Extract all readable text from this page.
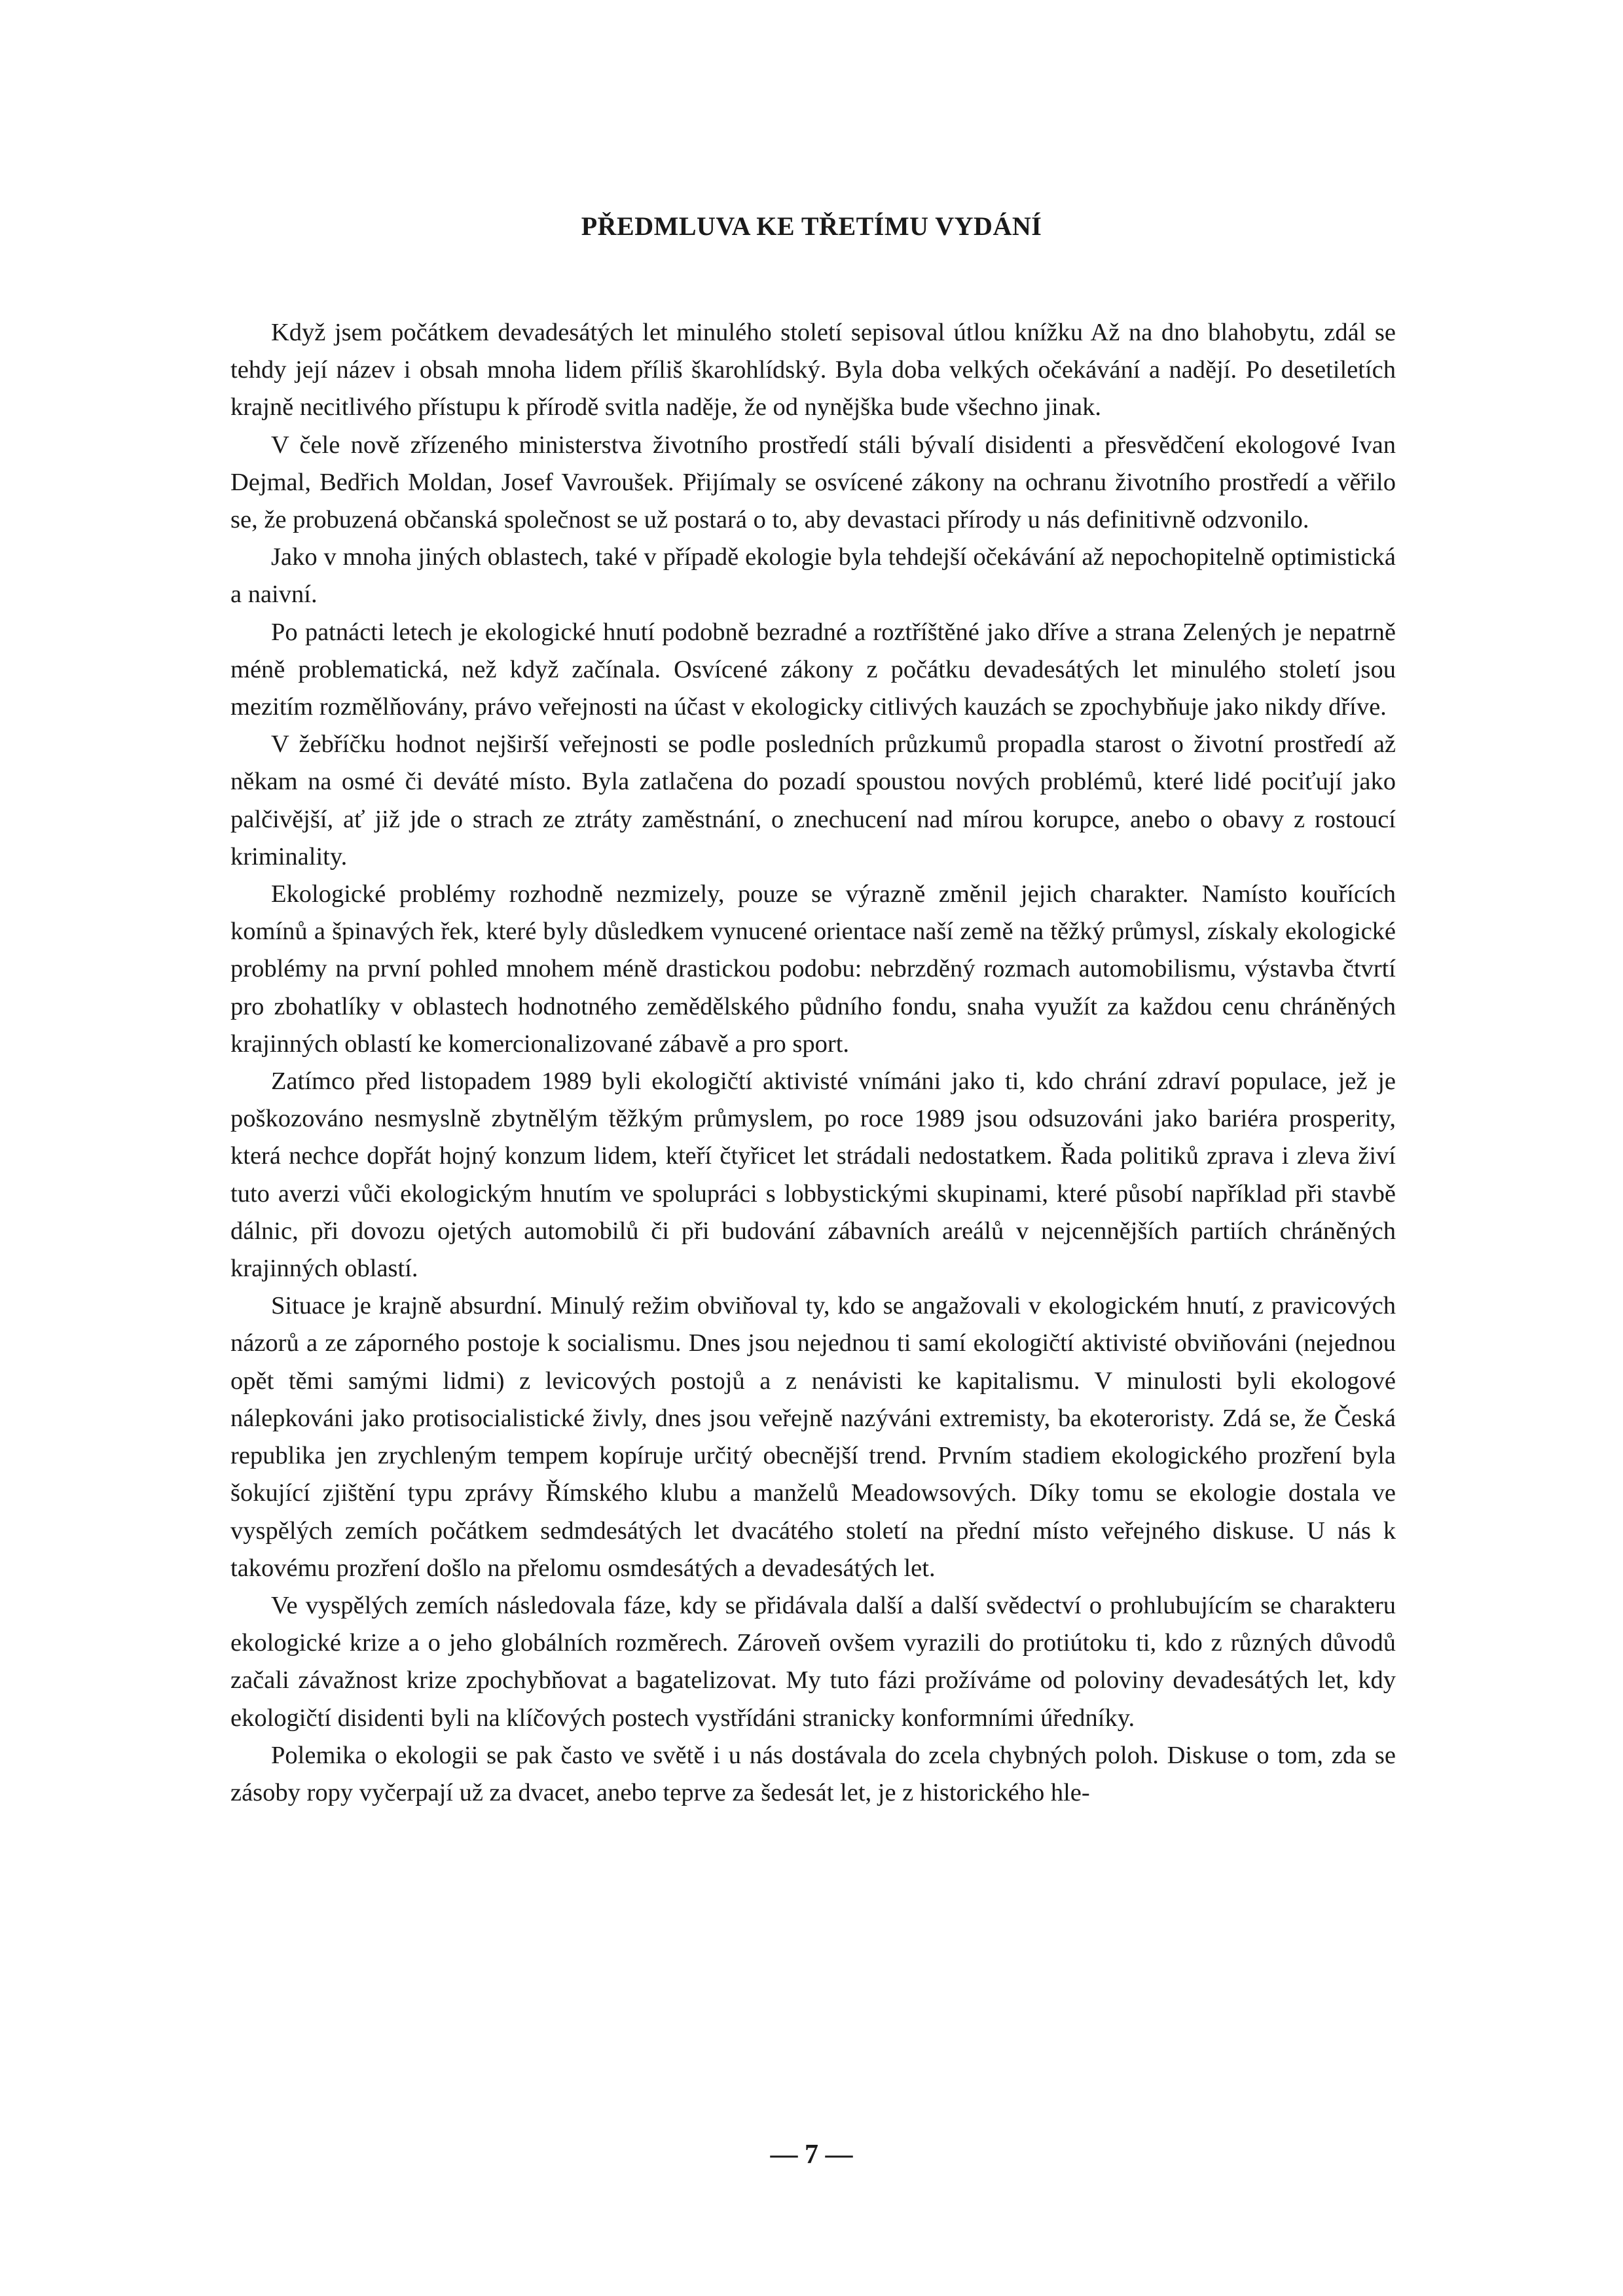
PŘEDMLUVA KE TŘETÍMU VYDÁNÍ

Když jsem počátkem devadesátých let minulého století sepisoval útlou knížku Až na dno blahobytu, zdál se tehdy její název i obsah mnoha lidem příliš škarohlídský. Byla doba velkých očekávání a nadějí. Po desetiletích krajně necitlivého přístupu k přírodě svitla naděje, že od nynějška bude všechno jinak.

V čele nově zřízeného ministerstva životního prostředí stáli bývalí disidenti a přesvědčení ekologové Ivan Dejmal, Bedřich Moldan, Josef Vavroušek. Přijímaly se osvícené zákony na ochranu životního prostředí a věřilo se, že probuzená občanská společnost se už postará o to, aby devastaci přírody u nás definitivně odzvonilo.

Jako v mnoha jiných oblastech, také v případě ekologie byla tehdejší očekávání až nepochopitelně optimistická a naivní.

Po patnácti letech je ekologické hnutí podobně bezradné a roztříštěné jako dříve a strana Zelených je nepatrně méně problematická, než když začínala. Osvícené zákony z počátku devadesátých let minulého století jsou mezitím rozmělňovány, právo veřejnosti na účast v ekologicky citlivých kauzách se zpochybňuje jako nikdy dříve.

V žebříčku hodnot nejširší veřejnosti se podle posledních průzkumů propadla starost o životní prostředí až někam na osmé či deváté místo. Byla zatlačena do pozadí spoustou nových problémů, které lidé pociťují jako palčivější, ať již jde o strach ze ztráty zaměstnání, o znechucení nad mírou korupce, anebo o obavy z rostoucí kriminality.

Ekologické problémy rozhodně nezmizely, pouze se výrazně změnil jejich charakter. Namísto kouřících komínů a špinavých řek, které byly důsledkem vynucené orientace naší země na těžký průmysl, získaly ekologické problémy na první pohled mnohem méně drastickou podobu: nebrzděný rozmach automobilismu, výstavba čtvrtí pro zbohatlíky v oblastech hodnotného zemědělského půdního fondu, snaha využít za každou cenu chráněných krajinných oblastí ke komercionalizované zábavě a pro sport.

Zatímco před listopadem 1989 byli ekologičtí aktivisté vnímáni jako ti, kdo chrání zdraví populace, jež je poškozováno nesmyslně zbytnělým těžkým průmyslem, po roce 1989 jsou odsuzováni jako bariéra prosperity, která nechce dopřát hojný konzum lidem, kteří čtyřicet let strádali nedostatkem. Řada politiků zprava i zleva živí tuto averzi vůči ekologickým hnutím ve spolupráci s lobbystickými skupinami, které působí například při stavbě dálnic, při dovozu ojetých automobilů či při budování zábavních areálů v nejcennějších partiích chráněných krajinných oblastí.

Situace je krajně absurdní. Minulý režim obviňoval ty, kdo se angažovali v ekologickém hnutí, z pravicových názorů a ze záporného postoje k socialismu. Dnes jsou nejednou ti samí ekologičtí aktivisté obviňováni (nejednou opět těmi samými lidmi) z levicových postojů a z nenávisti ke kapitalismu. V minulosti byli ekologové nálepkováni jako protisocialistické živly, dnes jsou veřejně nazýváni extremisty, ba ekoteroristy. Zdá se, že Česká republika jen zrychleným tempem kopíruje určitý obecnější trend. Prvním stadiem ekologického prozření byla šokující zjištění typu zprávy Římského klubu a manželů Meadowsových. Díky tomu se ekologie dostala ve vyspělých zemích počátkem sedmdesátých let dvacátého století na přední místo veřejného diskuse. U nás k takovému prozření došlo na přelomu osmdesátých a devadesátých let.

Ve vyspělých zemích následovala fáze, kdy se přidávala další a další svědectví o prohlubujícím se charakteru ekologické krize a o jeho globálních rozměrech. Zároveň ovšem vyrazili do protiútoku ti, kdo z různých důvodů začali závažnost krize zpochybňovat a bagatelizovat. My tuto fázi prožíváme od poloviny devadesátých let, kdy ekologičtí disidenti byli na klíčových postech vystřídáni stranicky konformními úředníky.

Polemika o ekologii se pak často ve světě i u nás dostávala do zcela chybných poloh. Diskuse o tom, zda se zásoby ropy vyčerpají už za dvacet, anebo teprve za šedesát let, je z historického hle-

— 7 —
